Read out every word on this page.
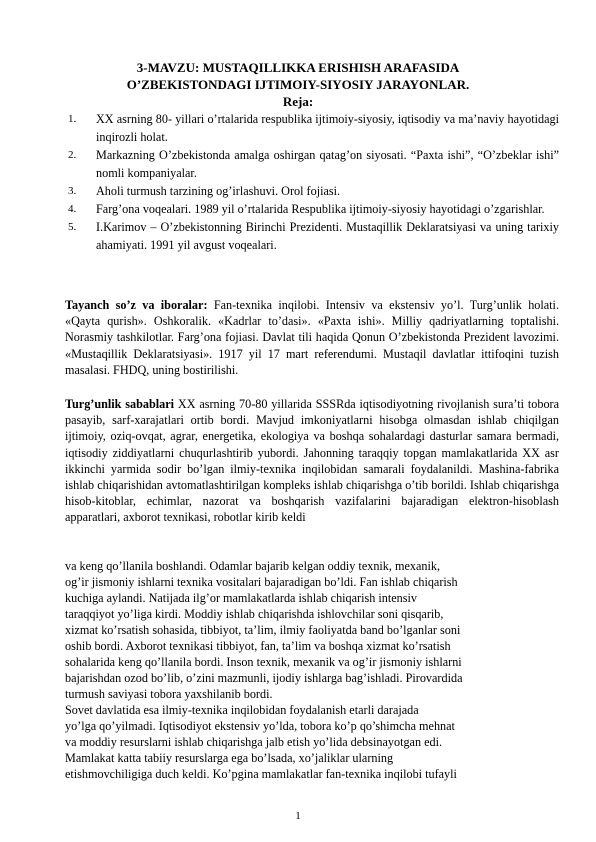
3-MAVZU: MUSTAQILLIKKA ERISHISH ARAFASIDA
O’ZBEKISTONDAGI IJTIMOIY-SIYOSIY JARAYONLAR.
Reja:
1. XX asrning 80- yillari o’rtalarida respublika ijtimoiy-siyosiy, iqtisodiy va ma’naviy hayotidagi inqirozli holat.
2. Markazning O’zbekistonda amalga oshirgan qatag’on siyosati. “Paxta ishi”, “O’zbeklar ishi” nomli kompaniyalar.
3. Aholi turmush tarzining og’irlashuvi. Orol fojiasi.
4. Farg’ona voqealari. 1989 yil o’rtalarida Respublika ijtimoiy-siyosiy hayotidagi o’zgarishlar.
5. I.Karimov – O’zbekistonning Birinchi Prezidenti. Mustaqillik Deklaratsiyasi va uning tarixiy ahamiyati. 1991 yil avgust voqealari.

Tayanch so’z va iboralar: Fan-texnika inqilobi. Intensiv va ekstensiv yo’l. Turg’unlik holati. «Qayta qurish». Oshkoralik. «Kadrlar to’dasi». «Paxta ishi». Milliy qadriyatlarning toptalishi. Norasmiy tashkilotlar. Farg’ona fojiasi. Davlat tili haqida Qonun O’zbekistonda Prezident lavozimi. «Mustaqillik Deklaratsiyasi». 1917 yil 17 mart referendumi. Mustaqil davlatlar ittifoqini tuzish masalasi. FHDQ, uning bostirilishi.

Turg’unlik sabablari XX asrning 70-80 yillarida SSSRda iqtisodiyotning rivojlanish sura’ti tobora pasayib, sarf-xarajatlari ortib bordi. Mavjud imkoniyatlarni hisobga olmasdan ishlab chiqilgan ijtimoiy, oziq-ovqat, agrar, energetika, ekologiya va boshqa sohalardagi dasturlar samara bermadi, iqtisodiy ziddiyatlarni chuqurlashtirib yubordi. Jahonning taraqqiy topgan mamlakatlarida XX asr ikkinchi yarmida sodir bo’lgan ilmiy-texnika inqilobidan samarali foydalanildi. Mashina-fabrika ishlab chiqarishidan avtomatlashtirilgan kompleks ishlab chiqarishga o’tib borildi. Ishlab chiqarishga hisob-kitoblar, echimlar, nazorat va boshqarish vazifalarini bajaradigan elektron-hisoblash apparatlari, axborot texnikasi, robotlar kirib keldi

va keng qo’llanila boshlandi. Odamlar bajarib kelgan oddiy texnik, mexanik,
og’ir jismoniy ishlarni texnika vositalari bajaradigan bo’ldi. Fan ishlab chiqarish
kuchiga aylandi. Natijada ilg’or mamlakatlarda ishlab chiqarish intensiv
taraqqiyot yo’liga kirdi. Moddiy ishlab chiqarishda ishlovchilar soni qisqarib,
xizmat ko’rsatish sohasida, tibbiyot, ta’lim, ilmiy faoliyatda band bo’lganlar soni
oshib bordi. Axborot texnikasi tibbiyot, fan, ta’lim va boshqa xizmat ko’rsatish
sohalarida keng qo’llanila bordi. Inson texnik, mexanik va og’ir jismoniy ishlarni
bajarishdan ozod bo’lib, o’zini mazmunli, ijodiy ishlarga bag’ishladi. Pirovardida
turmush saviyasi tobora yaxshilanib bordi.
Sovet davlatida esa ilmiy-texnika inqilobidan foydalanish etarli darajada
yo’lga qo’yilmadi. Iqtisodiyot ekstensiv yo’lda, tobora ko’p qo’shimcha mehnat
va moddiy resurslarni ishlab chiqarishga jalb etish yo’lida debsinayotgan edi.
Mamlakat katta tabiiy resurslarga ega bo’lsada, xo’jaliklar ularning
etishmovchiligiga duch keldi. Ko’pgina mamlakatlar fan-texnika inqilobi tufayli
1
